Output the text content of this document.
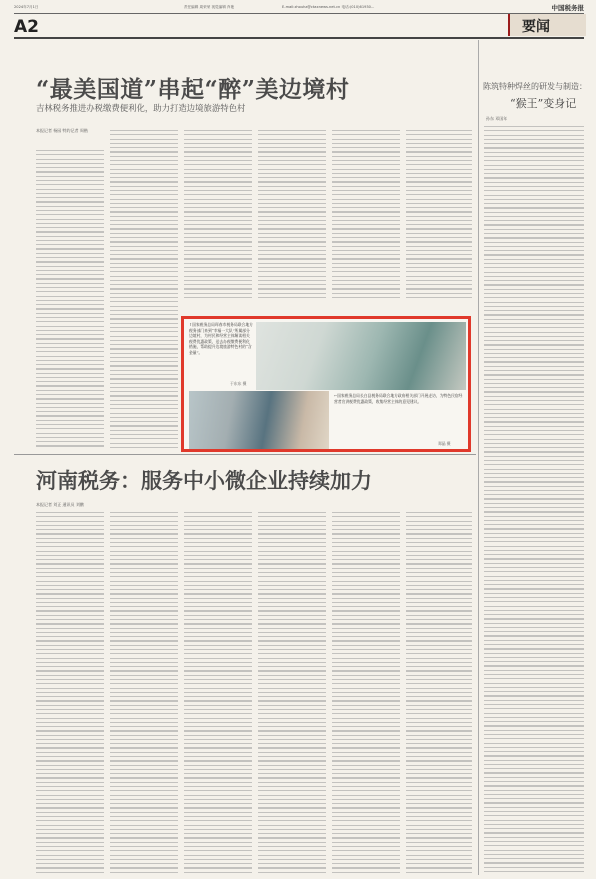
2024年7月1日	责任编辑 周荣荣 视觉编辑 肖艳	E-mail:zhouhz@ctaxnews.net.cn 电话:(010)61930...	中国税务报
A2	要闻
“最美国道”串起“醉”美边境村
吉林税务推进办税缴费便利化，助力打造边境旅游特色村
本报记者 杨园 特约记者 周楷
↑国家税务总局珲春市税务局联合地方税务部门来到“幸福一大队”所属部分边境村，为村民和经营主体解读相关税费优惠政策，送去办税缴费便利化措施，帮助提升边境旅游特色村的“含金量”。
于东东 摄
←国家税务总局长白县税务局联合地方政府相关部门开展走访，为特色民宿经营者宣讲税费优惠政策，收集经营主体的意见建议。
郑晶 摄
陈筑特种焊丝的研发与制造：
“猴王”变身记
孙东 邓国年
河南税务：服务中小微企业持续加力
本报记者 刘正 通讯员 刘鹏
